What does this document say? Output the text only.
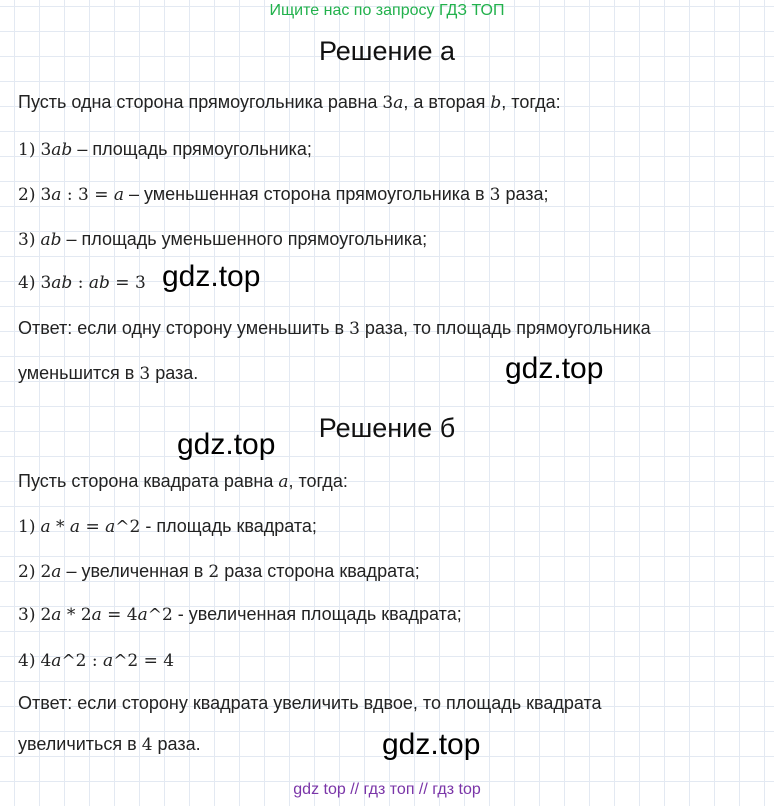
Ищите нас по запросу ГДЗ ТОП
Решение а
Пусть одна сторона прямоугольника равна 3a, а вторая b, тогда:
1) 3ab – площадь прямоугольника;
2) 3a : 3 = a – уменьшенная сторона прямоугольника в 3 раза;
3) ab – площадь уменьшенного прямоугольника;
4) 3ab : ab = 3
Ответ: если одну сторону уменьшить в 3 раза, то площадь прямоугольника
уменьшится в 3 раза.
Решение б
Пусть сторона квадрата равна a, тогда:
1) a * a = a^2 - площадь квадрата;
2) 2a – увеличенная в 2 раза сторона квадрата;
3) 2a * 2a = 4a^2 - увеличенная площадь квадрата;
4) 4a^2 : a^2 = 4
Ответ: если сторону квадрата увеличить вдвое, то площадь квадрата
увеличиться в 4 раза.
gdz.top
gdz.top
gdz.top
gdz.top
gdz top // гдз топ // гдз top
